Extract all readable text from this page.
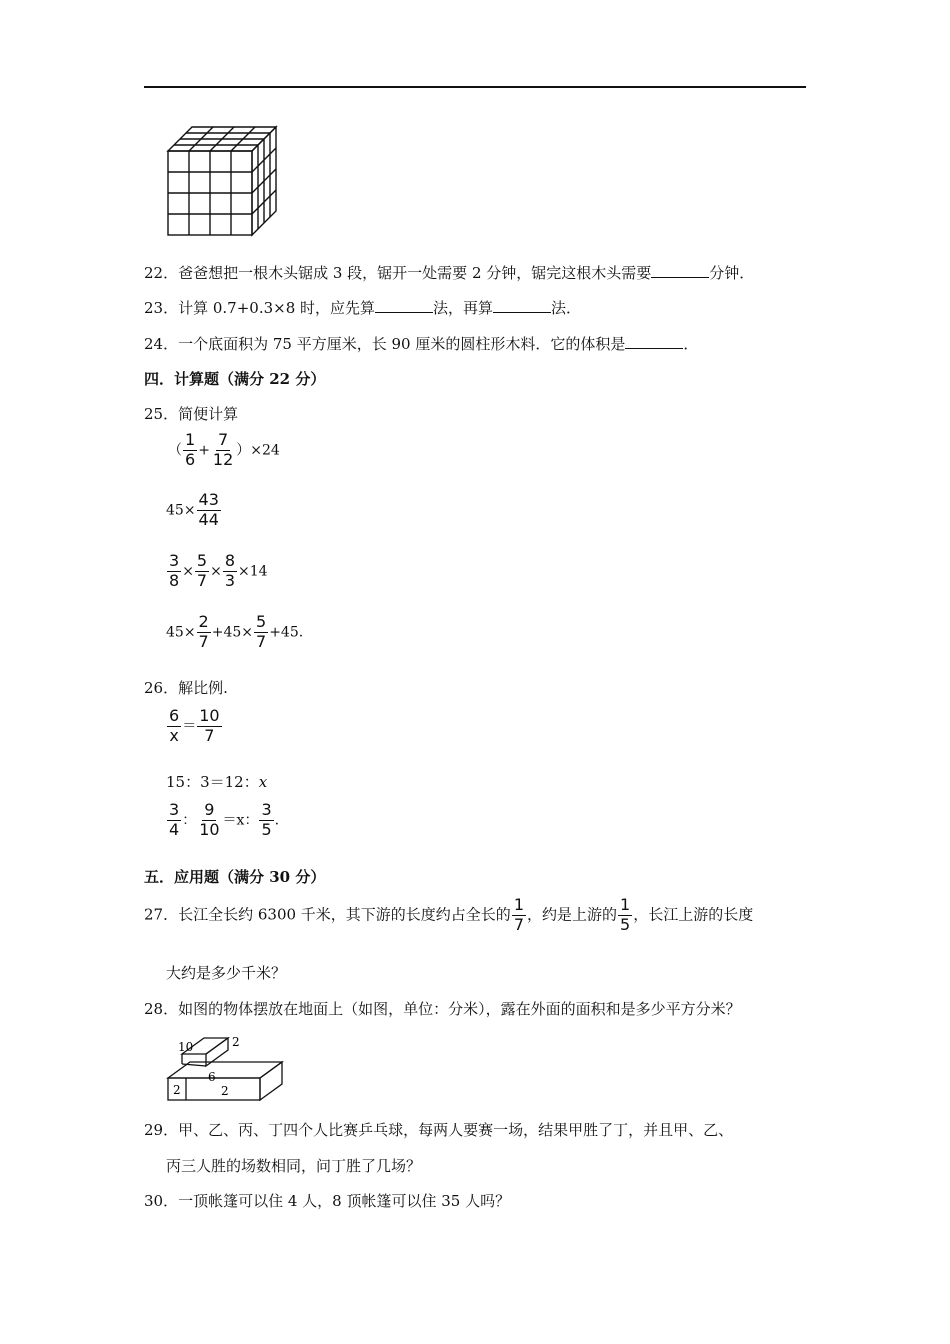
22．爸爸想把一根木头锯成 3 段，锯开一处需要 2 分钟，锯完这根木头需要	分钟．
23．计算 0.7+0.3×8 时，应先算	法，再算	法．
24．一个底面积为 75 平方厘米，长 90 厘米的圆柱形木料．它的体积是	．
四．计算题（满分 22 分）
25．简便计算
（ $\frac{1}{6} + \frac{7}{12} )\times 24$
$45\times \frac{43}{44}$
$\frac{3}{8} \times \frac{5}{7} \times \frac{8}{3} \times 14$
$45\times \frac{2}{7} +45\times \frac{5}{7} +45$.
26．解比例.
$\frac{6}{x} = \frac{10}{7}$
15：3＝12：x
$\frac{3}{4}$ ： $\frac{9}{10} =x$： $\frac{3}{5}$ .
五．应用题（满分 30 分）
27．长江全长约 6300 千米，其下游的长度约占全长的 $\frac{1}{7}$ ，约是上游的 $\frac{1}{5}$ ，长江上游的长度
大约是多少千米？
28．如图的物体摆放在地面上（如图，单位：分米），露在外面的面积和是多少平方分米？
10	2
2
6
2
29．甲、乙、丙、丁四个人比赛乒乓球，每两人要赛一场，结果甲胜了丁，并且甲、乙、
丙三人胜的场数相同，问丁胜了几场？
30．一顶帐篷可以住 4 人，8 顶帐篷可以住 35 人吗？
